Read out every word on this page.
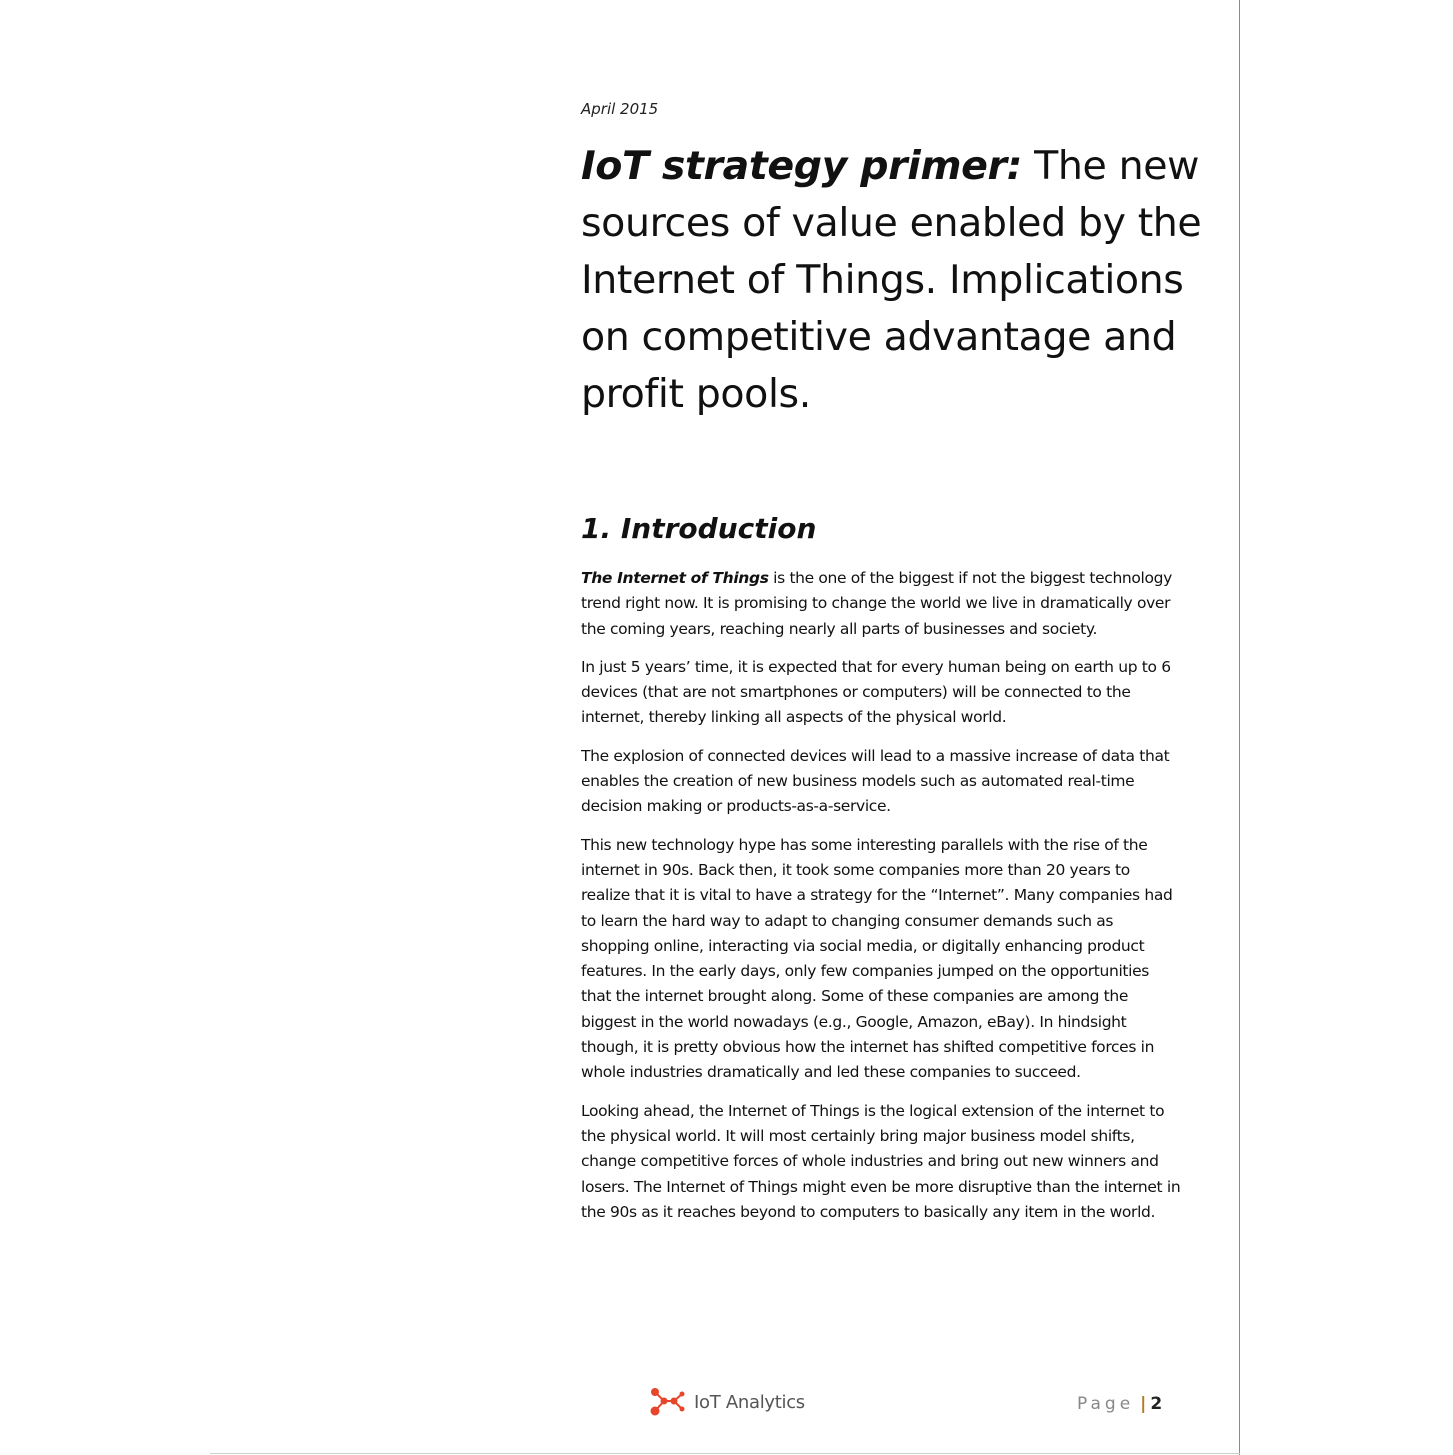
April 2015
IoT strategy primer: The new sources of value enabled by the Internet of Things. Implications on competitive advantage and profit pools.
1. Introduction

The Internet of Things is the one of the biggest if not the biggest technology trend right now. It is promising to change the world we live in dramatically over the coming years, reaching nearly all parts of businesses and society.

In just 5 years’ time, it is expected that for every human being on earth up to 6 devices (that are not smartphones or computers) will be connected to the internet, thereby linking all aspects of the physical world.

The explosion of connected devices will lead to a massive increase of data that enables the creation of new business models such as automated real-time decision making or products-as-a-service.

This new technology hype has some interesting parallels with the rise of the internet in 90s. Back then, it took some companies more than 20 years to realize that it is vital to have a strategy for the “Internet”. Many companies had to learn the hard way to adapt to changing consumer demands such as shopping online, interacting via social media, or digitally enhancing product features. In the early days, only few companies jumped on the opportunities that the internet brought along. Some of these companies are among the biggest in the world nowadays (e.g., Google, Amazon, eBay). In hindsight though, it is pretty obvious how the internet has shifted competitive forces in whole industries dramatically and led these companies to succeed.

Looking ahead, the Internet of Things is the logical extension of the internet to the physical world. It will most certainly bring major business model shifts, change competitive forces of whole industries and bring out new winners and losers. The Internet of Things might even be more disruptive than the internet in the 90s as it reaches beyond to computers to basically any item in the world.

IoT Analytics	Page | 2
